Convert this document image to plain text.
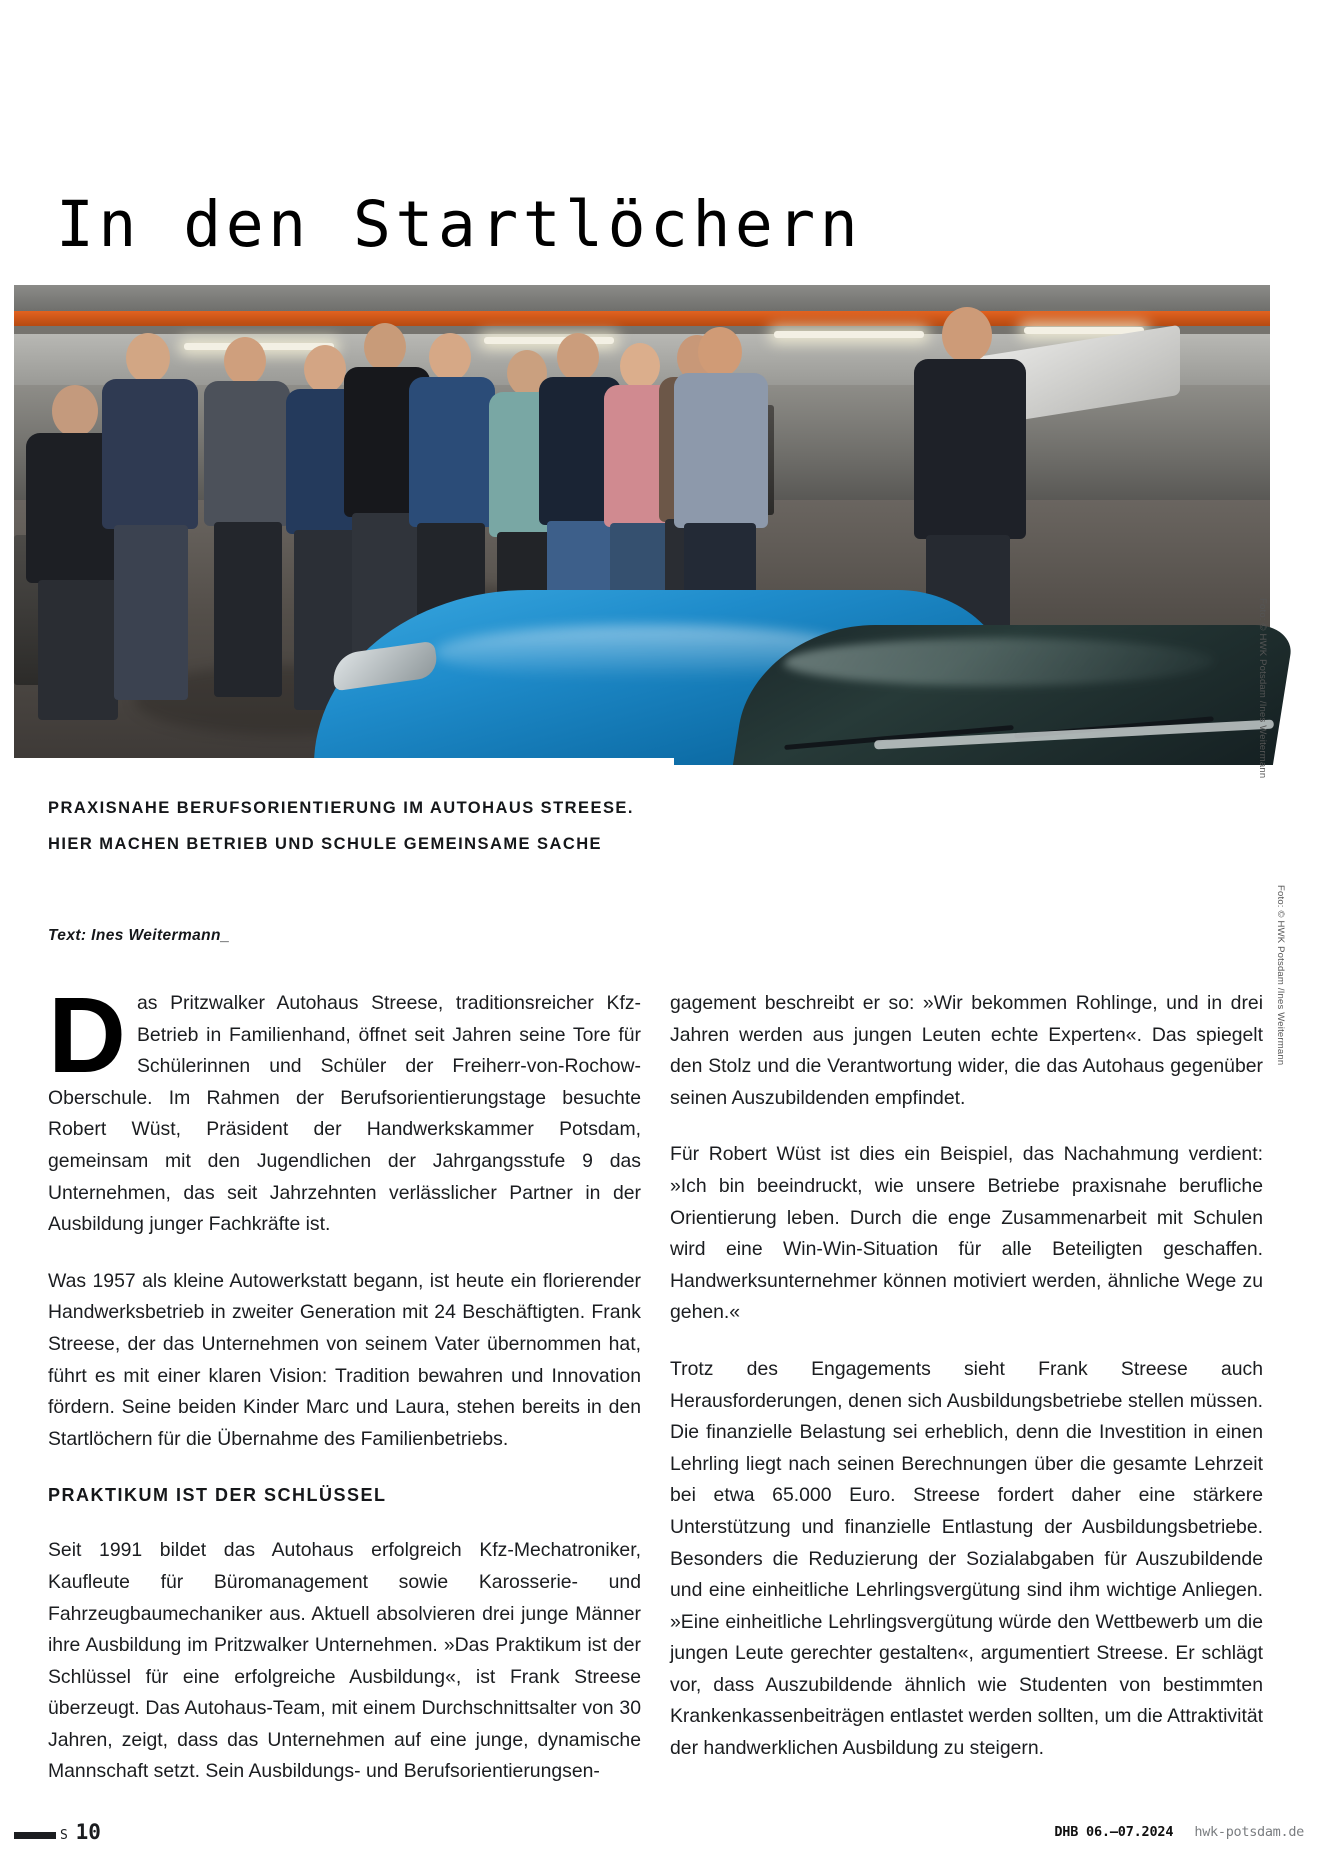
In den Startlöchern
Foto: © HWK Potsdam /Ines Weitermann
Foto: © HWK Potsdam /Ines Weitermann
PRAXISNAHE BERUFSORIENTIERUNG IM AUTOHAUS STREESE.
HIER MACHEN BETRIEB UND SCHULE GEMEINSAME SACHE
Text: Ines Weitermann_

Das Pritzwalker Autohaus Streese, traditionsreicher Kfz-Betrieb in Familienhand, öffnet seit Jahren seine Tore für Schülerinnen und Schüler der Freiherr-von-Rochow-Oberschule. Im Rahmen der Berufsorientierungstage besuchte Robert Wüst, Präsident der Handwerkskammer Potsdam, gemeinsam mit den Jugendlichen der Jahrgangsstufe 9 das Unternehmen, das seit Jahrzehnten verlässlicher Partner in der Ausbildung junger Fachkräfte ist.

Was 1957 als kleine Autowerkstatt begann, ist heute ein florierender Handwerksbetrieb in zweiter Generation mit 24 Beschäftigten. Frank Streese, der das Unternehmen von seinem Vater übernommen hat, führt es mit einer klaren Vision: Tradition bewahren und Innovation fördern. Seine beiden Kinder Marc und Laura, stehen bereits in den Startlöchern für die Übernahme des Familienbetriebs.

PRAKTIKUM IST DER SCHLÜSSEL

Seit 1991 bildet das Autohaus erfolgreich Kfz-Mechatroniker, Kaufleute für Büromanagement sowie Karosserie- und Fahrzeugbaumechaniker aus. Aktuell absolvieren drei junge Männer ihre Ausbildung im Pritzwalker Unternehmen. »Das Praktikum ist der Schlüssel für eine erfolgreiche Ausbildung«, ist Frank Streese überzeugt. Das Autohaus-Team, mit einem Durchschnittsalter von 30 Jahren, zeigt, dass das Unternehmen auf eine junge, dynamische Mannschaft setzt. Sein Ausbildungs- und Berufsorientierungsen-

gagement beschreibt er so: »Wir bekommen Rohlinge, und in drei Jahren werden aus jungen Leuten echte Experten«. Das spiegelt den Stolz und die Verantwortung wider, die das Autohaus gegenüber seinen Auszubildenden empfindet.

Für Robert Wüst ist dies ein Beispiel, das Nachahmung verdient: »Ich bin beeindruckt, wie unsere Betriebe praxisnahe berufliche Orientierung leben. Durch die enge Zusammenarbeit mit Schulen wird eine Win-Win-Situation für alle Beteiligten geschaffen. Handwerksunternehmer können motiviert werden, ähnliche Wege zu gehen.«

Trotz des Engagements sieht Frank Streese auch Herausforderungen, denen sich Ausbildungsbetriebe stellen müssen. Die finanzielle Belastung sei erheblich, denn die Investition in einen Lehrling liegt nach seinen Berechnungen über die gesamte Lehrzeit bei etwa 65.000 Euro. Streese fordert daher eine stärkere Unterstützung und finanzielle Entlastung der Ausbildungsbetriebe. Besonders die Reduzierung der Sozialabgaben für Auszubildende und eine einheitliche Lehrlingsvergütung sind ihm wichtige Anliegen. »Eine einheitliche Lehrlingsvergütung würde den Wettbewerb um die jungen Leute gerechter gestalten«, argumentiert Streese. Er schlägt vor, dass Auszubildende ähnlich wie Studenten von bestimmten Krankenkassenbeiträgen entlastet werden sollten, um die Attraktivität der handwerklichen Ausbildung zu steigern.

S 10	DHB 06.–07.2024 hwk-potsdam.de
